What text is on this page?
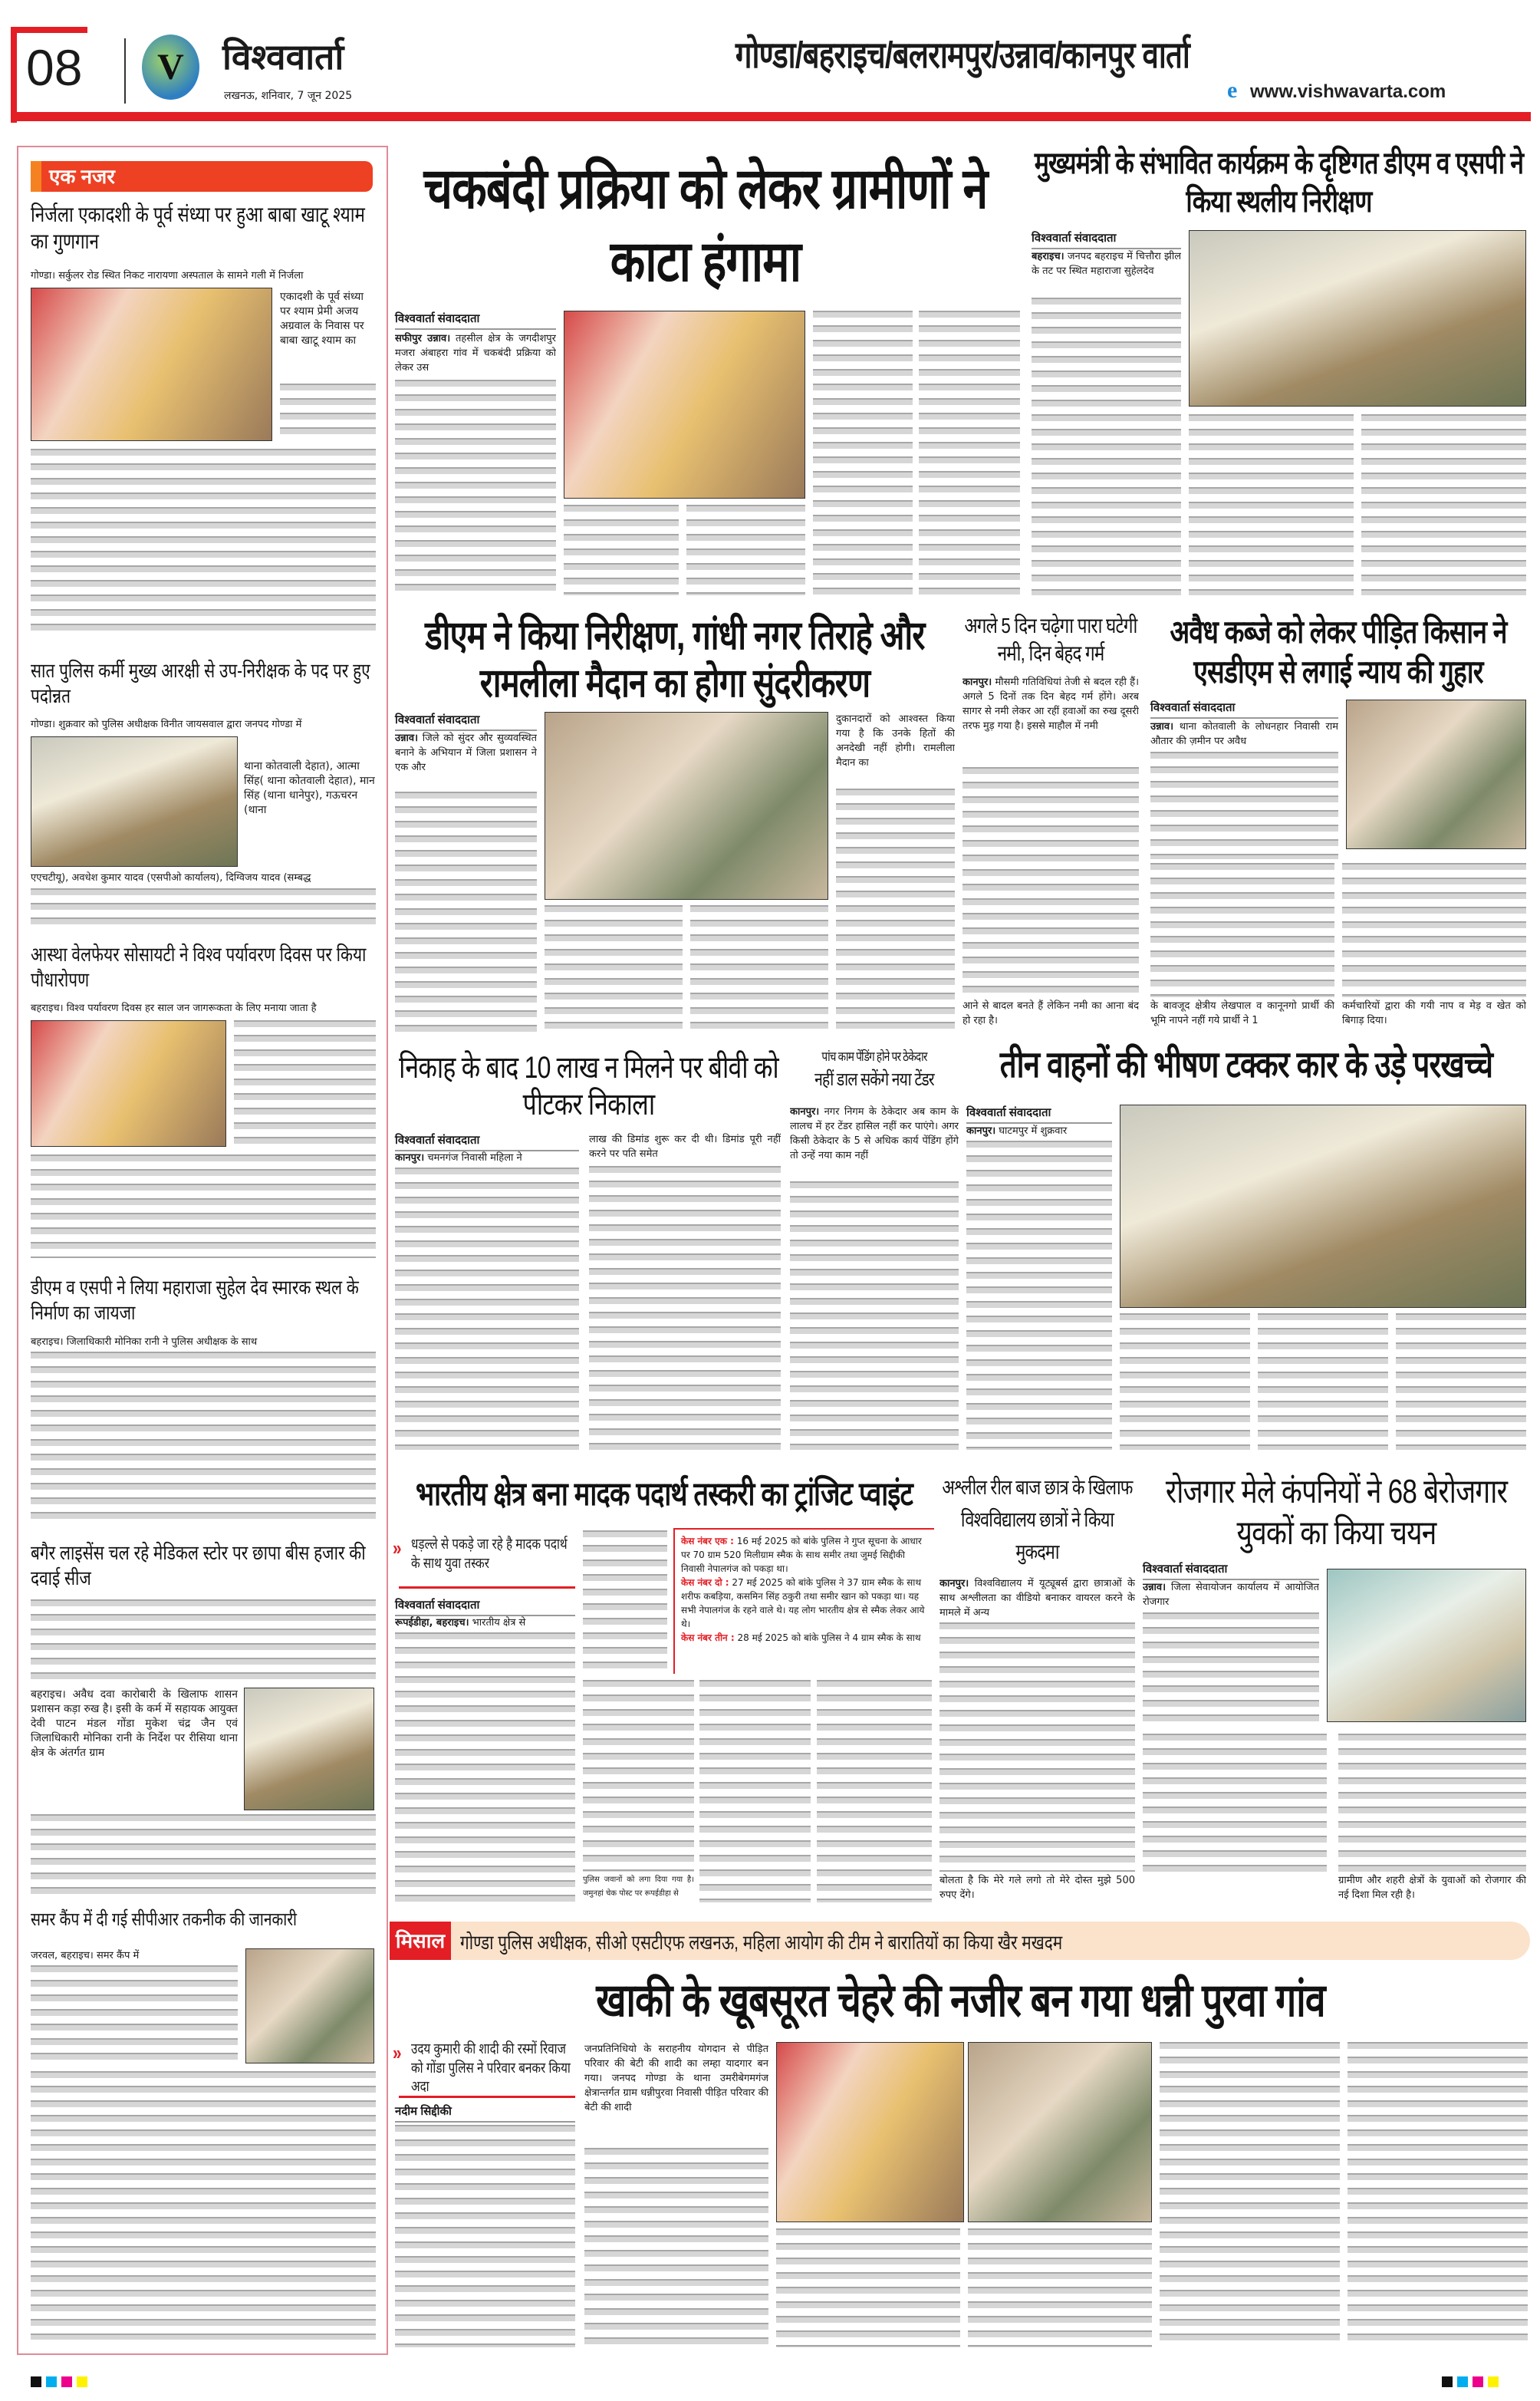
08	V	विश्ववार्ता
लखनऊ, शनिवार, 7 जून 2025
गोण्डा/बहराइच/बलरामपुर/उन्नाव/कानपुर वार्ता
e www.vishwavarta.com
एक नजर
निर्जला एकादशी के पूर्व संध्या पर हुआ बाबा खाटू श्याम का गुणगान
गोण्डा। सर्कुलर रोड स्थित निकट नारायणा अस्पताल के सामने गली में निर्जला
एकादशी के पूर्व संध्या पर श्याम प्रेमी अजय अग्रवाल के निवास पर बाबा खाटू श्याम का
सात पुलिस कर्मी मुख्य आरक्षी से उप-निरीक्षक के पद पर हुए पदोन्नत
गोण्डा। शुक्रवार को पुलिस अधीक्षक विनीत जायसवाल द्वारा जनपद गोण्डा में
थाना कोतवाली देहात), आत्मा सिंह( थाना कोतवाली देहात), मान सिंह (थाना धानेपुर), गऊचरन (थाना
एएचटीयू), अवधेश कुमार यादव (एसपीओ कार्यालय), दिग्विजय यादव (सम्बद्ध
आस्था वेलफेयर सोसायटी ने विश्व पर्यावरण दिवस पर किया पौधारोपण
बहराइच। विश्व पर्यावरण दिवस हर साल जन जागरूकता के लिए मनाया जाता है
डीएम व एसपी ने लिया महाराजा सुहेल देव स्मारक स्थल के निर्माण का जायजा
बहराइच। जिलाधिकारी मोनिका रानी ने पुलिस अधीक्षक के साथ
बगैर लाइसेंस चल रहे मेडिकल स्टोर पर छापा बीस हजार की दवाई सीज
बहराइच। अवैध दवा कारोबारी के खिलाफ शासन प्रशासन कड़ा रुख है। इसी के कर्म में सहायक आयुक्त देवी पाटन मंडल गोंडा मुकेश चंद्र जैन एवं जिलाधिकारी मोनिका रानी के निर्देश पर रीसिया थाना क्षेत्र के अंतर्गत ग्राम
समर कैंप में दी गई सीपीआर तकनीक की जानकारी
जरवल, बहराइच। समर कैंप में
चकबंदी प्रक्रिया को लेकर ग्रामीणों ने काटा हंगामा
विश्ववार्ता संवाददाता
सफीपुर उन्नाव। तहसील क्षेत्र के जगदीशपुर मजरा अंबाहरा गांव में चकबंदी प्रक्रिया को लेकर उस
मुख्यमंत्री के संभावित कार्यक्रम के दृष्टिगत डीएम व एसपी ने किया स्थलीय निरीक्षण
विश्ववार्ता संवाददाता
बहराइच। जनपद बहराइच में चित्तौरा झील के तट पर स्थित महाराजा सुहेलदेव
डीएम ने किया निरीक्षण, गांधी नगर तिराहे और रामलीला मैदान का होगा सुंदरीकरण
विश्ववार्ता संवाददाता
उन्नाव। जिले को सुंदर और सुव्यवस्थित बनाने के अभियान में जिला प्रशासन ने एक और
दुकानदारों को आश्वस्त किया गया है कि उनके हितों की अनदेखी नहीं होगी। रामलीला मैदान का
अगले 5 दिन चढ़ेगा पारा घटेगी नमी, दिन बेहद गर्म
कानपुर। मौसमी गतिविधियां तेजी से बदल रही हैं। अगले 5 दिनों तक दिन बेहद गर्म होंगे। अरब सागर से नमी लेकर आ रहीं हवाओं का रुख दूसरी तरफ मुड़ गया है। इससे माहौल में नमी
आने से बादल बनते हैं लेकिन नमी का आना बंद हो रहा है।
अवैध कब्जे को लेकर पीड़ित किसान ने एसडीएम से लगाई न्याय की गुहार
विश्ववार्ता संवाददाता
उन्नाव। थाना कोतवाली के लोधनहार निवासी राम औतार की ज़मीन पर अवैध
के बावजूद क्षेत्रीय लेखपाल व कानूनगो प्रार्थी की भूमि नापने नहीं गये प्रार्थी ने 1
कर्मचारियों द्वारा की गयी नाप व मेड़ व खेत को बिगाड़ दिया।
निकाह के बाद 10 लाख न मिलने पर बीवी को पीटकर निकाला
विश्ववार्ता संवाददाता
कानपुर। चमनगंज निवासी महिला ने
लाख की डिमांड शुरू कर दी थी। डिमांड पूरी नहीं करने पर पति समेत
पांच काम पेंडिंग होने पर ठेकेदार
नहीं डाल सकेंगे नया टेंडर
कानपुर। नगर निगम के ठेकेदार अब काम के लालच में हर टेंडर हासिल नहीं कर पाएंगे। अगर किसी ठेकेदार के 5 से अधिक कार्य पेंडिंग होंगे तो उन्हें नया काम नहीं
तीन वाहनों की भीषण टक्कर कार के उड़े परखच्चे
विश्ववार्ता संवाददाता
कानपुर। घाटमपुर में शुक्रवार
भारतीय क्षेत्र बना मादक पदार्थ तस्करी का ट्रांजिट प्वाइंट
» धड़ल्ले से पकड़े जा रहे है मादक पदार्थ के साथ युवा तस्कर
विश्ववार्ता संवाददाता
रूपईडीहा, बहराइच। भारतीय क्षेत्र से
केस नंबर एक : 16 मई 2025 को बांके पुलिस ने गुप्त सूचना के आधार पर 70 ग्राम 520 मिलीग्राम स्मैक के साथ समीर तथा जुमई सिद्दीकी निवासी नेपालगंज को पकड़ा था।
केस नंबर दो : 27 मई 2025 को बांके पुलिस ने 37 ग्राम स्मैक के साथ शरीफ कबड़िया, कसमिन सिंह ठकुरी तथा समीर खान को पकड़ा था। यह सभी नेपालगंज के रहने वाले थे। यह लोग भारतीय क्षेत्र से स्मैक लेकर आये थे।
केस नंबर तीन : 28 मई 2025 को बांके पुलिस ने 4 ग्राम स्मैक के साथ
पुलिस जवानों को लगा दिया गया है। जमुनहां चेक पोस्ट पर रूपईडीहा से
अश्लील रील बाज छात्र के खिलाफ विश्वविद्यालय छात्रों ने किया मुकदमा
कानपुर। विश्वविद्यालय में यूट्यूबर्स द्वारा छात्राओं के साथ अश्लीलता का वीडियो बनाकर वायरल करने के मामले में अन्य
बोलता है कि मेरे गले लगो तो मेरे दोस्त मुझे 500 रुपए देंगे।
रोजगार मेले कंपनियों ने 68 बेरोजगार युवकों का किया चयन
विश्ववार्ता संवाददाता
उन्नाव। जिला सेवायोजन कार्यालय में आयोजित रोजगार
ग्रामीण और शहरी क्षेत्रों के युवाओं को रोजगार की नई दिशा मिल रही है।
मिसाल गोण्डा पुलिस अधीक्षक, सीओ एसटीएफ लखनऊ, महिला आयोग की टीम ने बारातियों का किया खैर मखदम
खाकी के खूबसूरत चेहरे की नजीर बन गया धन्नी पुरवा गांव
» उदय कुमारी की शादी की रस्मों रिवाज को गोंडा पुलिस ने परिवार बनकर किया अदा
नदीम सिद्दीकी
जनप्रतिनिधियो के सराहनीय योगदान से पीड़ित परिवार की बेटी की शादी का लम्हा यादगार बन गया। जनपद गोण्डा के थाना उमरीबेगमगंज क्षेत्रान्तर्गत ग्राम धन्नीपुरवा निवासी पीड़ित परिवार की बेटी की शादी
